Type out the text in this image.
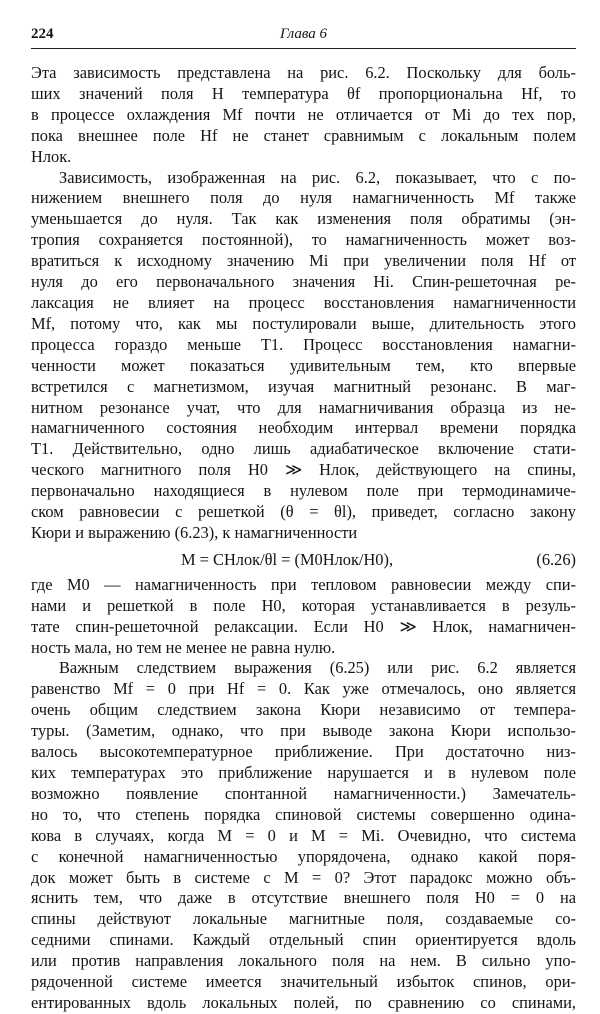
224	Глава 6
Эта зависимость представлена на рис. 6.2. Поскольку для боль-
ших значений поля H температура θf пропорциональна Hf, то
в процессе охлаждения Mf почти не отличается от Mi до тех пор,
пока внешнее поле Hf не станет сравнимым с локальным полем
Hлок.
Зависимость, изображенная на рис. 6.2, показывает, что с по-
нижением внешнего поля до нуля намагниченность Mf также
уменьшается до нуля. Так как изменения поля обратимы (эн-
тропия сохраняется постоянной), то намагниченность может воз-
вратиться к исходному значению Mi при увеличении поля Hf от
нуля до его первоначального значения Hi. Спин-решеточная ре-
лаксация не влияет на процесс восстановления намагниченности
Mf, потому что, как мы постулировали выше, длительность этого
процесса гораздо меньше T1. Процесс восстановления намагни-
ченности может показаться удивительным тем, кто впервые
встретился с магнетизмом, изучая магнитный резонанс. В маг-
нитном резонансе учат, что для намагничивания образца из не-
намагниченного состояния необходим интервал времени порядка
T1. Действительно, одно лишь адиабатическое включение стати-
ческого магнитного поля H0 ≫ Hлок, действующего на спины,
первоначально находящиеся в нулевом поле при термодинамиче-
ском равновесии с решеткой (θ = θl), приведет, согласно закону
Кюри и выражению (6.23), к намагниченности
M = CHлок/θl = (M0Hлок/H0),	(6.26)
где M0 — намагниченность при тепловом равновесии между спи-
нами и решеткой в поле H0, которая устанавливается в резуль-
тате спин-решеточной релаксации. Если H0 ≫ Hлок, намагничен-
ность мала, но тем не менее не равна нулю.
Важным следствием выражения (6.25) или рис. 6.2 является
равенство Mf = 0 при Hf = 0. Как уже отмечалось, оно является
очень общим следствием закона Кюри независимо от темпера-
туры. (Заметим, однако, что при выводе закона Кюри использо-
валось высокотемпературное приближение. При достаточно низ-
ких температурах это приближение нарушается и в нулевом поле
возможно появление спонтанной намагниченности.) Замечатель-
но то, что степень порядка спиновой системы совершенно одина-
кова в случаях, когда M = 0 и M = Mi. Очевидно, что система
с конечной намагниченностью упорядочена, однако какой поря-
док может быть в системе с M = 0? Этот парадокс можно объ-
яснить тем, что даже в отсутствие внешнего поля H0 = 0 на
спины действуют локальные магнитные поля, создаваемые со-
седними спинами. Каждый отдельный спин ориентируется вдоль
или против направления локального поля на нем. В сильно упо-
рядоченной системе имеется значительный избыток спинов, ори-
ентированных вдоль локальных полей, по сравнению со спинами,
